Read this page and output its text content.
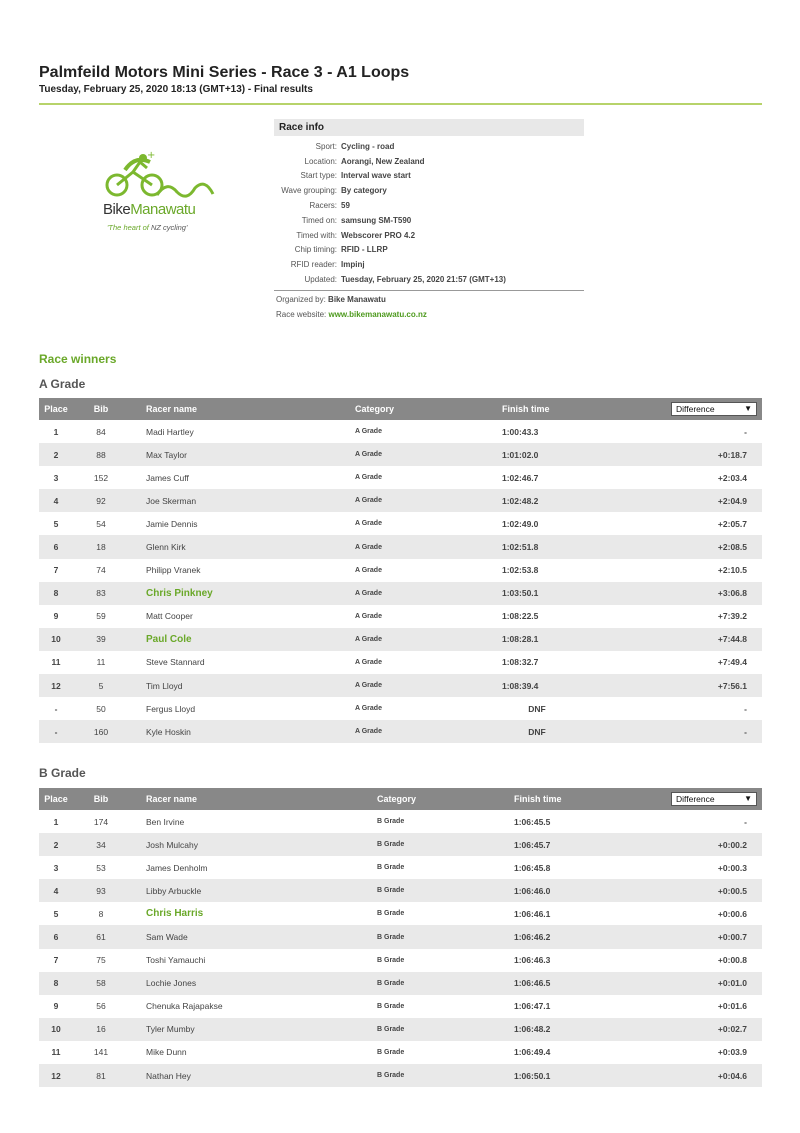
Palmfeild Motors Mini Series - Race 3 - A1 Loops
Tuesday, February 25, 2020 18:13 (GMT+13) - Final results
+
BikeManawatu
'The heart of NZ cycling'
Race info
Sport: Cycling - road
Location: Aorangi, New Zealand
Start type: Interval wave start
Wave grouping: By category
Racers: 59
Timed on: samsung SM-T590
Timed with: Webscorer PRO 4.2
Chip timing: RFID - LLRP
RFID reader: Impinj
Updated: Tuesday, February 25, 2020 21:57 (GMT+13)
Organized by: Bike Manawatu
Race website: www.bikemanawatu.co.nz
Race winners
A Grade
Place	Bib	Racer name	Category	Finish time	Difference	▼
1	84	Madi Hartley	A Grade	1:00:43.3	-
2	88	Max Taylor	A Grade	1:01:02.0	+0:18.7
3	152	James Cuff	A Grade	1:02:46.7	+2:03.4
4	92	Joe Skerman	A Grade	1:02:48.2	+2:04.9
5	54	Jamie Dennis	A Grade	1:02:49.0	+2:05.7
6	18	Glenn Kirk	A Grade	1:02:51.8	+2:08.5
7	74	Philipp Vranek	A Grade	1:02:53.8	+2:10.5
8	83	Chris Pinkney	A Grade	1:03:50.1	+3:06.8
9	59	Matt Cooper	A Grade	1:08:22.5	+7:39.2
10	39	Paul Cole	A Grade	1:08:28.1	+7:44.8
11	11	Steve Stannard	A Grade	1:08:32.7	+7:49.4
12	5	Tim Lloyd	A Grade	1:08:39.4	+7:56.1
-	50	Fergus Lloyd	A Grade	DNF	-
-	160	Kyle Hoskin	A Grade	DNF	-
B Grade
Place	Bib	Racer name	Category	Finish time	Difference	▼
1	174	Ben Irvine	B Grade	1:06:45.5	-
2	34	Josh Mulcahy	B Grade	1:06:45.7	+0:00.2
3	53	James Denholm	B Grade	1:06:45.8	+0:00.3
4	93	Libby Arbuckle	B Grade	1:06:46.0	+0:00.5
5	8	Chris Harris	B Grade	1:06:46.1	+0:00.6
6	61	Sam Wade	B Grade	1:06:46.2	+0:00.7
7	75	Toshi Yamauchi	B Grade	1:06:46.3	+0:00.8
8	58	Lochie Jones	B Grade	1:06:46.5	+0:01.0
9	56	Chenuka Rajapakse	B Grade	1:06:47.1	+0:01.6
10	16	Tyler Mumby	B Grade	1:06:48.2	+0:02.7
11	141	Mike Dunn	B Grade	1:06:49.4	+0:03.9
12	81	Nathan Hey	B Grade	1:06:50.1	+0:04.6
